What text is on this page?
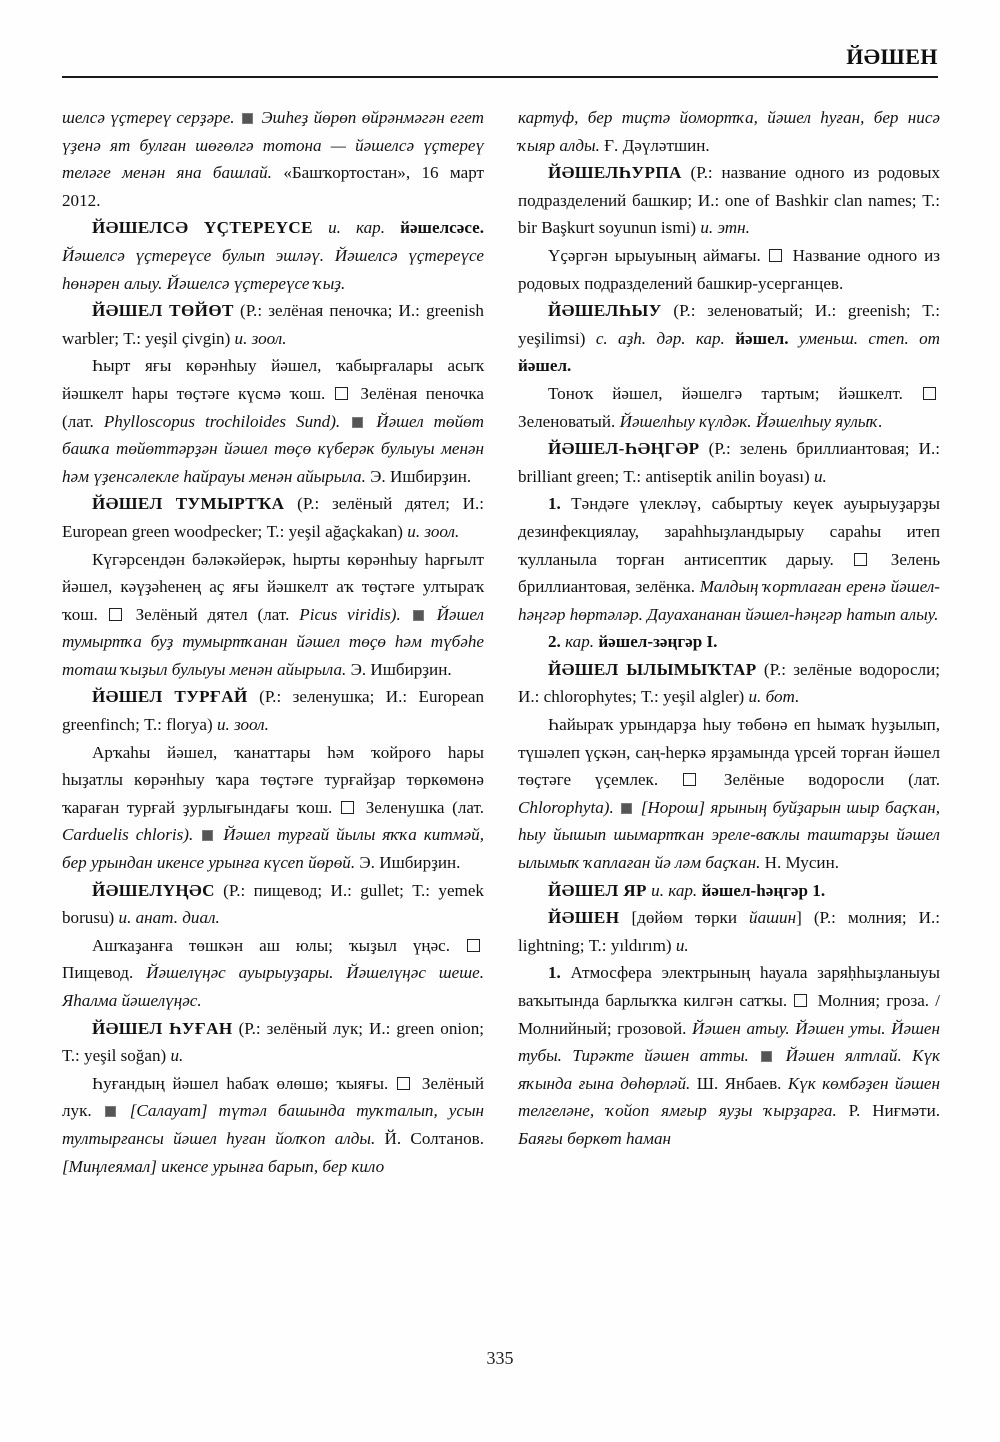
ЙӘШЕН

шелсә үҫтереү серҙәре. Эшһеҙ йөрөп өйрәнмәгән егет үҙенә ят булған шөғөлгә тотона — йәшелсә үҫтереү теләге менән яна башлай. «Башҡортостан», 16 март 2012.

ЙӘШЕЛСӘ ҮҪТЕРЕҮСЕ и. кар. йәшелсәсе. Йәшелсә үҫтереүсе булып эшләү. Йәшелсә үҫтереүсе һөнәрен алыу. Йәшелсә үҫтереүсе ҡыҙ.

ЙӘШЕЛ ТӨЙӨТ (Р.: зелёная пеночка; И.: greenish warbler; Т.: yeşil çivgin) и. зоол.

Һырт яғы көрәнһыу йәшел, ҡабырғалары асыҡ йәшкелт һары төҫтәге күсмә ҡош. Зелёная пеночка (лат. Phylloscopus trochiloides Sund). Йәшел төйөт башҡа төйөттәрҙән йәшел төҫө күберәк булыуы менән һәм үҙенсәлекле һайрауы менән айырыла. Э. Ишбирҙин.

ЙӘШЕЛ ТУМЫРТҠА (Р.: зелёный дятел; И.: European green woodpecker; Т.: yeşil ağaçkakan) и. зоол.

Күгәрсендән бәләкәйерәк, һырты көрәнһыу һарғылт йәшел, кәүҙәһенең аҫ яғы йәшкелт аҡ төҫтәге ултыраҡ ҡош. Зелёный дятел (лат. Picus viridis). Йәшел тумыртҡа буҙ тумыртҡанан йәшел төҫө һәм түбәһе тоташ ҡыҙыл булыуы менән айырыла. Э. Ишбирҙин.

ЙӘШЕЛ ТУРҒАЙ (Р.: зеленушка; И.: European greenfinch; Т.: florya) и. зоол.

Арҡаһы йәшел, ҡанаттары һәм ҡойроғо һары һыҙатлы көрәнһыу ҡара төҫтәге турғайҙар төркөмөнә ҡараған турғай ҙурлығындағы ҡош. Зеленушка (лат. Carduelis chloris). Йәшел турғай йылы яҡҡа китмәй, бер урындан икенсе урынға күсеп йөрөй. Э. Ишбирҙин.

ЙӘШЕЛҮҢӘС (Р.: пищевод; И.: gullet; Т.: yemek borusu) и. анат. диал.

Ашҡаҙанға төшкән аш юлы; ҡыҙыл үңәс.  Пищевод. Йәшелүңәс ауырыуҙары. Йәшелүңәс шеше. Яһалма йәшелүңәс.

ЙӘШЕЛ ҺУҒАН (Р.: зелёный лук; И.: green onion; Т.: yeşil soğan) и.

Һуғандың йәшел һабаҡ өлөшө; ҡыяғы. Зелёный лук. [Салауат] түтәл башында туҡталып, усын тултырғансы йәшел һуған йолҡоп алды. Й. Солтанов. [Миңлеямал] икенсе урынға барып, бер кило

картуф, бер тиҫтә йомортҡа, йәшел һуған, бер нисә ҡыяр алды. Ғ. Дәүләтшин.

ЙӘШЕЛҺУРПА (Р.: название одного из родовых подразделений башкир; И.: one of Bashkir clan names; Т.: bir Başkurt soyunun ismi) и. этн.

Үҫәргән ырыуының аймағы. Название одного из родовых подразделений башкир-усерганцев.

ЙӘШЕЛҺЫУ (Р.: зеленоватый; И.: greenish; Т.: yeşilimsi) с. аҙһ. дәр. кар. йәшел. уменьш. степ. от йәшел.

Тоноҡ йәшел, йәшелгә тартым; йәшкелт.  Зеленоватый. Йәшелһыу күлдәк. Йәшелһыу яулыҡ.

ЙӘШЕЛ-ҺӘҢГӘР (Р.: зелень бриллиантовая; И.: brilliant green; Т.: antiseptik anilin boyası) и.

1. Тәндәге үлекләү, сабыртыу кеүек ауырыуҙарҙы дезинфекциялау, зараһһыҙландырыу сараһы итеп ҡулланыла торған антисептик дарыу.	Зелень бриллиантовая, зелёнка. Малдың ҡортлаған еренә йәшел-һәңгәр һөртәләр. Дауахананан йәшел-һәңгәр һатып алыу.

2. кар. йәшел-зәңгәр I.

ЙӘШЕЛ ЫЛЫМЫҠТАР (Р.: зелёные водоросли; И.: chlorophytes; Т.: yeşil algler) и. бот.

Һайыраҡ урындарҙа һыу төбөнә еп һымаҡ һуҙылып, түшәлеп үҫкән, саң-һеркә ярҙамында үрсей торған йәшел төҫтәге үҫемлек.	Зелёные водоросли (лат. Chlorophyta). [Норош] ярының буйҙарын шыр баҫҡан, һыу йышып шымартҡан эреле-ваҡлы таштарҙы йәшел ылымыҡ ҡаплаған йә ләм баҫҡан. Н. Мусин.

ЙӘШЕЛ ЯР и. кар. йәшел-һәңгәр 1.

ЙӘШЕН [дөйөм төрки йашин] (Р.: молния; И.: lightning; Т.: yıldırım) и.

1. Атмосфера электрының һауала заряḥһыҙланыуы ваҡытында барлыҡҡа килгән сатҡы. Молния; гроза. / Молнийный; грозовой. Йәшен атыу. Йәшен уты. Йәшен тубы. Тирәкте йәшен атты. Йәшен ялтлай. Күк яҡында ғына дөһөрләй. Ш. Янбаев. Күк көмбәҙен йәшен телгеләне, ҡойоп ямғыр яуҙы ҡырҙарға. Р. Ниғмәти. Баяғы бөркөт һаман

335
